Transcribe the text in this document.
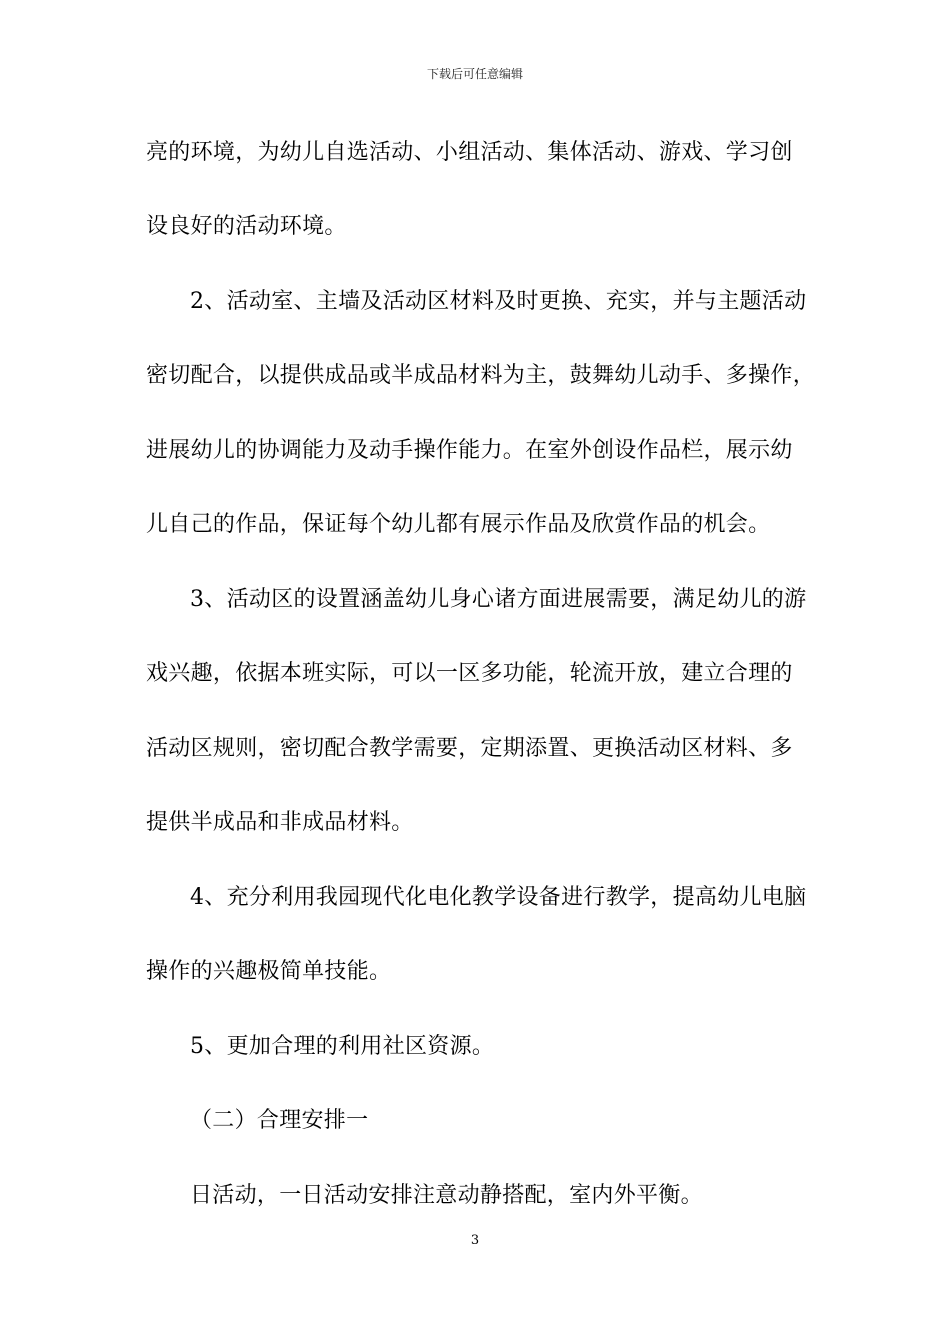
下载后可任意编辑
亮的环境，为幼儿自选活动、小组活动、集体活动、游戏、学习创
设良好的活动环境。
2、活动室、主墙及活动区材料及时更换、充实，并与主题活动
密切配合，以提供成品或半成品材料为主，鼓舞幼儿动手、多操作，
进展幼儿的协调能力及动手操作能力。在室外创设作品栏，展示幼
儿自己的作品，保证每个幼儿都有展示作品及欣赏作品的机会。
3、活动区的设置涵盖幼儿身心诸方面进展需要，满足幼儿的游
戏兴趣，依据本班实际，可以一区多功能，轮流开放，建立合理的
活动区规则，密切配合教学需要，定期添置、更换活动区材料、多
提供半成品和非成品材料。
4、充分利用我园现代化电化教学设备进行教学，提高幼儿电脑
操作的兴趣极简单技能。
5、更加合理的利用社区资源。
（二）合理安排一
日活动，一日活动安排注意动静搭配，室内外平衡。
3
